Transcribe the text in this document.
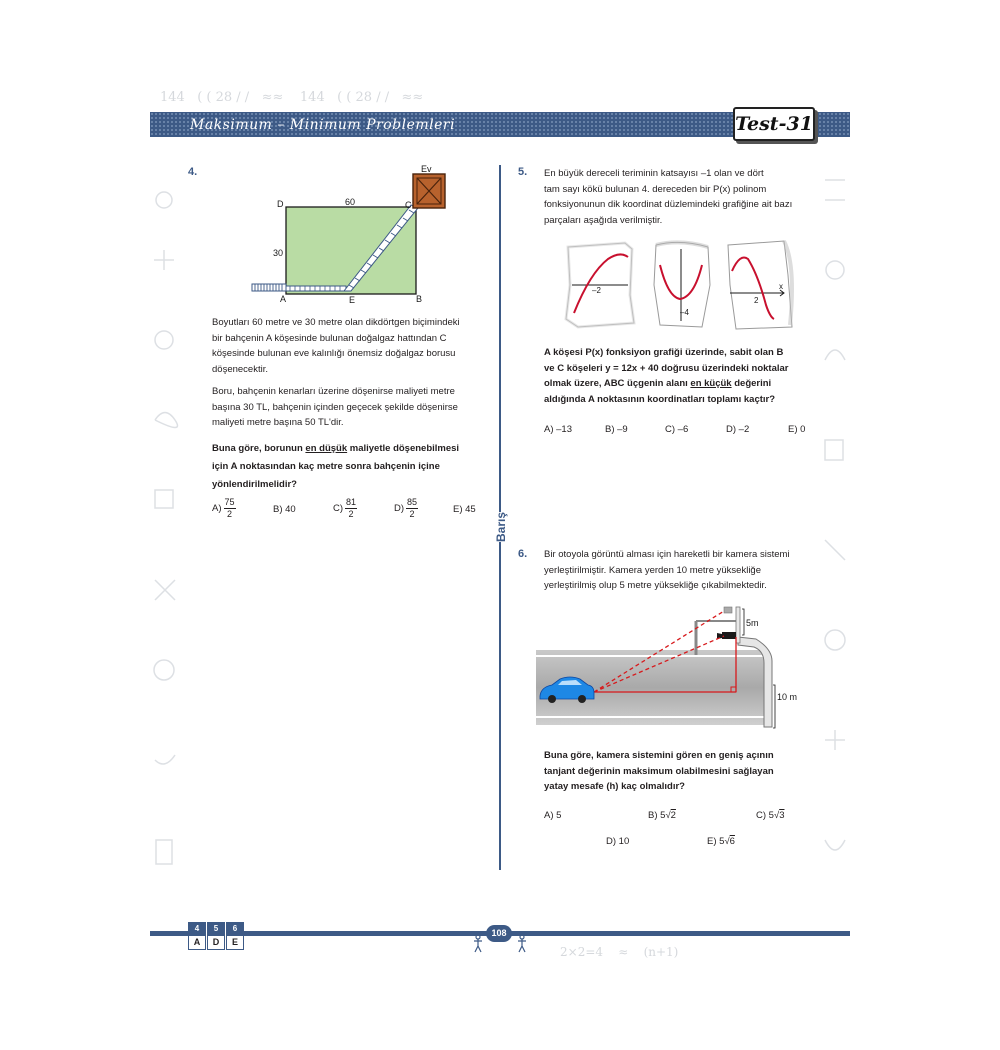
144   ( ( 28 / /   ≈≈    144   ( ( 28 / /   ≈≈
Maksimum – Minimum Problemleri	Test-31
Barış
4.	Ev
60
30
D	C
A	E	B
Boyutları 60 metre ve 30 metre olan dikdörtgen biçimindeki
bir bahçenin A köşesinde bulunan doğalgaz hattından C
köşesinde bulunan eve kalınlığı önemsiz doğalgaz borusu
döşenecektir.
Boru, bahçenin kenarları üzerine döşenirse maliyeti metre
başına 30 TL, bahçenin içinden geçecek şekilde döşenirse
maliyeti metre başına 50 TL'dir.
Buna göre, borunun en düşük maliyetle döşenebilmesi
için A noktasından kaç metre sonra bahçenin içine
yönlendirilmelidir?
$A) \frac{75}{2}$	B) 40	$C) \frac{81}{2}$	$D) \frac{85}{2}$	E) 45
5. En büyük dereceli teriminin katsayısı –1 olan ve dört
tam sayı kökü bulunan 4. dereceden bir P(x) polinom
fonksiyonunun dik koordinat düzlemindeki grafiğine ait bazı
parçaları aşağıda verilmiştir.
–2
–4
x
2
A köşesi P(x) fonksiyon grafiği üzerinde, sabit olan B
ve C köşeleri y = 12x + 40 doğrusu üzerindeki noktalar
olmak üzere, ABC üçgenin alanı en küçük değerini
aldığında A noktasının koordinatları toplamı kaçtır?
A) –13	B) –9	C) –6	D) –2	E) 0
6. Bir otoyola görüntü alması için hareketli bir kamera sistemi
yerleştirilmiştir. Kamera yerden 10 metre yüksekliğe
yerleştirilmiş olup 5 metre yüksekliğe çıkabilmektedir.
5m
10 m
Buna göre, kamera sistemini gören en geniş açının
tanjant değerinin maksimum olabilmesini sağlayan
yatay mesafe (h) kaç olmalıdır?
A) 5	B) 5√2	C) 5√3
D) 10	E) 5√6
2×2=4    ≈    (n+1)
4	5	6
A	D	E
108
